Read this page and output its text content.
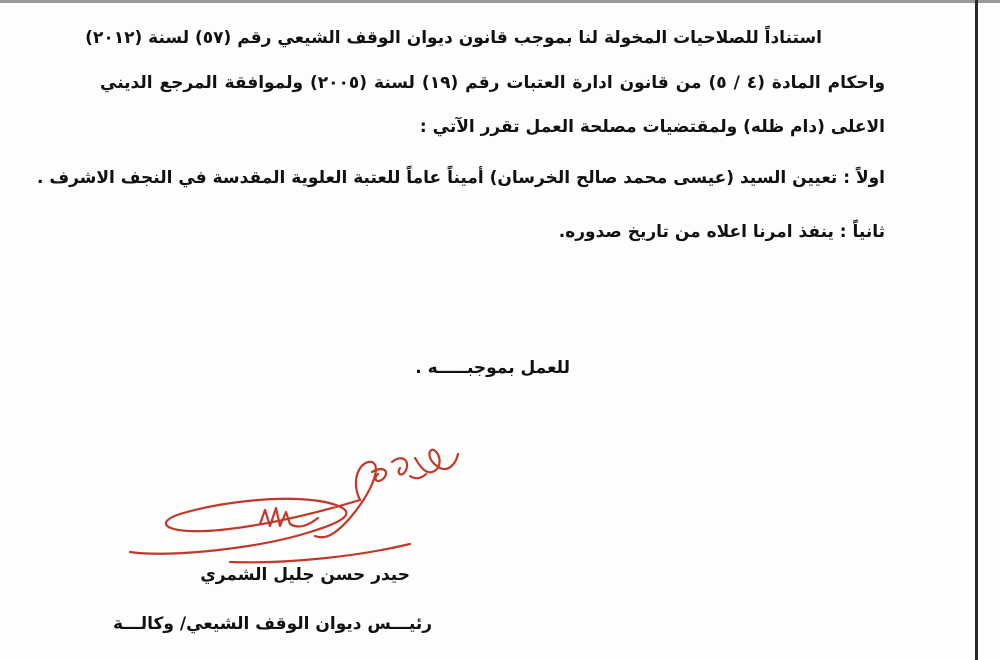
استناداً للصلاحيات المخولة لنا بموجب قانون ديوان الوقف الشيعي رقم (٥٧) لسنة (٢٠١٢)
واحكام المادة (٤ / ٥) من قانون ادارة العتبات رقم (١٩) لسنة (٢٠٠٥) ولموافقة المرجع الديني
الاعلى (دام ظله) ولمقتضيات مصلحة العمل تقرر الآتي :
اولاً : تعيين السيد (عيسى محمد صالح الخرسان) أميناً عاماً للعتبة العلوية المقدسة في النجف الاشرف .
ثانياً : ينفذ امرنا اعلاه من تاريخ صدوره.
للعمل بموجبـــــه .
حيدر حسن جليل الشمري
رئيـــس ديوان الوقف الشيعي/ وكالـــة
